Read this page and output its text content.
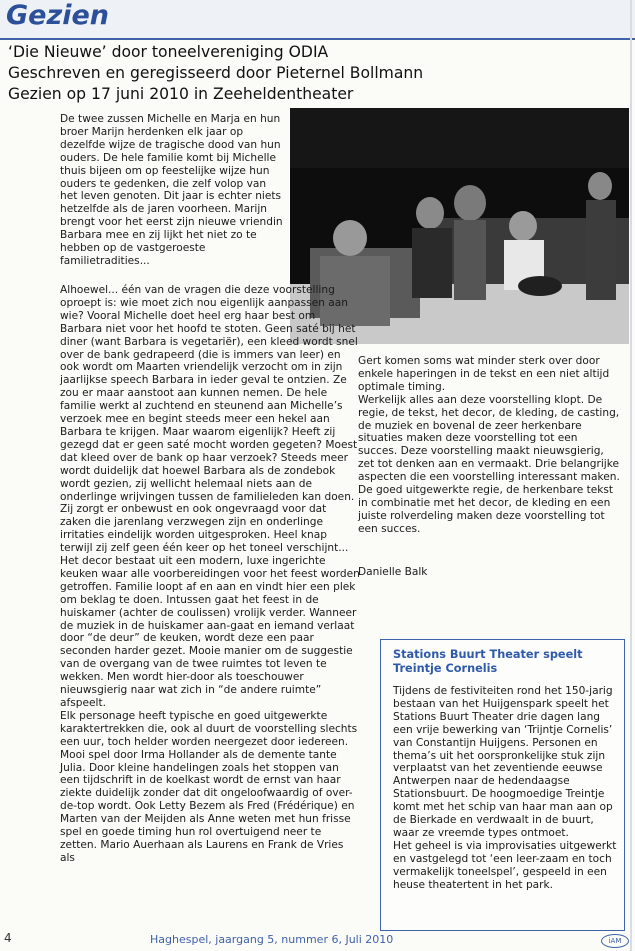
Gezien
‘Die Nieuwe’ door toneelvereniging ODIA
Geschreven en geregisseerd door Pieternel Bollmann
Gezien op 17 juni 2010 in Zeeheldentheater

De twee zussen Michelle en Marja en hun broer Marijn herdenken elk jaar op dezelfde wijze de tragische dood van hun ouders. De hele familie komt bij Michelle thuis bijeen om op feestelijke wijze hun ouders te gedenken, die zelf volop van het leven genoten. Dit jaar is echter niets hetzelfde als de jaren voorheen. Marijn brengt voor het eerst zijn nieuwe vriendin Barbara mee en zij lijkt het niet zo te hebben op de vastgeroeste familietradities...

Alhoewel... één van de vragen die deze voorstelling oproept is: wie moet zich nou eigenlijk aanpassen aan wie? Vooral Michelle doet heel erg haar best om Barbara niet voor het hoofd te stoten. Geen saté bij het diner (want Barbara is vegetariër), een kleed wordt snel over de bank gedrapeerd (die is immers van leer) en ook wordt om Maarten vriendelijk verzocht om in zijn jaarlijkse speech Barbara in ieder geval te ontzien. Ze zou er maar aanstoot aan kunnen nemen. De hele familie werkt al zuchtend en steunend aan Michelle’s verzoek mee en begint steeds meer een hekel aan Barbara te krijgen. Maar waarom eigenlijk? Heeft zij gezegd dat er geen saté mocht worden gegeten? Moest dat kleed over de bank op haar verzoek? Steeds meer wordt duidelijk dat hoewel Barbara als de zondebok wordt gezien, zij wellicht helemaal niets aan de onderlinge wrijvingen tussen de familieleden kan doen. Zij zorgt er onbewust en ook ongevraagd voor dat zaken die jarenlang verzwegen zijn en onderlinge irritaties eindelijk worden uitgesproken. Heel knap terwijl zij zelf geen één keer op het toneel verschijnt...

Het decor bestaat uit een modern, luxe ingerichte keuken waar alle voorbereidingen voor het feest worden getroffen. Familie loopt af en aan en vindt hier een plek om beklag te doen. Intussen gaat het feest in de huiskamer (achter de coulissen) vrolijk verder. Wanneer de muziek in de huiskamer aan-gaat en iemand verlaat door “de deur” de keuken, wordt deze een paar seconden harder gezet. Mooie manier om de suggestie van de overgang van de twee ruimtes tot leven te wekken. Men wordt hier-door als toeschouwer nieuwsgierig naar wat zich in “de andere ruimte” afspeelt.

Elk personage heeft typische en goed uitgewerkte karaktertrekken die, ook al duurt de voorstelling slechts een uur, toch helder worden neergezet door iedereen. Mooi spel door Irma Hollander als de demente tante Julia. Door kleine handelingen zoals het stoppen van een tijdschrift in de koelkast wordt de ernst van haar ziekte duidelijk zonder dat dit ongeloofwaardig of over-de-top wordt. Ook Letty Bezem als Fred (Frédérique) en Marten van der Meijden als Anne weten met hun frisse spel en goede timing hun rol overtuigend neer te zetten. Mario Auerhaan als Laurens en Frank de Vries als

Gert komen soms wat minder sterk over door enkele haperingen in de tekst en een niet altijd optimale timing.

Werkelijk alles aan deze voorstelling klopt. De regie, de tekst, het decor, de kleding, de casting, de muziek en bovenal de zeer herkenbare situaties maken deze voorstelling tot een succes. Deze voorstelling maakt nieuwsgierig, zet tot denken aan en vermaakt. Drie belangrijke aspecten die een voorstelling interessant maken. De goed uitgewerkte regie, de herkenbare tekst in combinatie met het decor, de kleding en een juiste rolverdeling maken deze voorstelling tot een succes.

Danielle Balk
Stations Buurt Theater speelt
Treintje Cornelis

Tijdens de festiviteiten rond het 150-jarig bestaan van het Huijgenspark speelt het Stations Buurt Theater drie dagen lang een vrije bewerking van ‘Trijntje Cornelis’ van Constantijn Huijgens. Personen en thema’s uit het oorspronkelijke stuk zijn verplaatst van het zeventiende eeuwse Antwerpen naar de hedendaagse Stationsbuurt. De hoogmoedige Treintje komt met het schip van haar man aan op de Bierkade en verdwaalt in de buurt, waar ze vreemde types ontmoet.

Het geheel is via improvisaties uitgewerkt en vastgelegd tot ‘een leer-zaam en toch vermakelijk toneelspel’, gespeeld in een heuse theatertent in het park.

4	Haghespel, jaargang 5, nummer 6, Juli 2010	iAM
